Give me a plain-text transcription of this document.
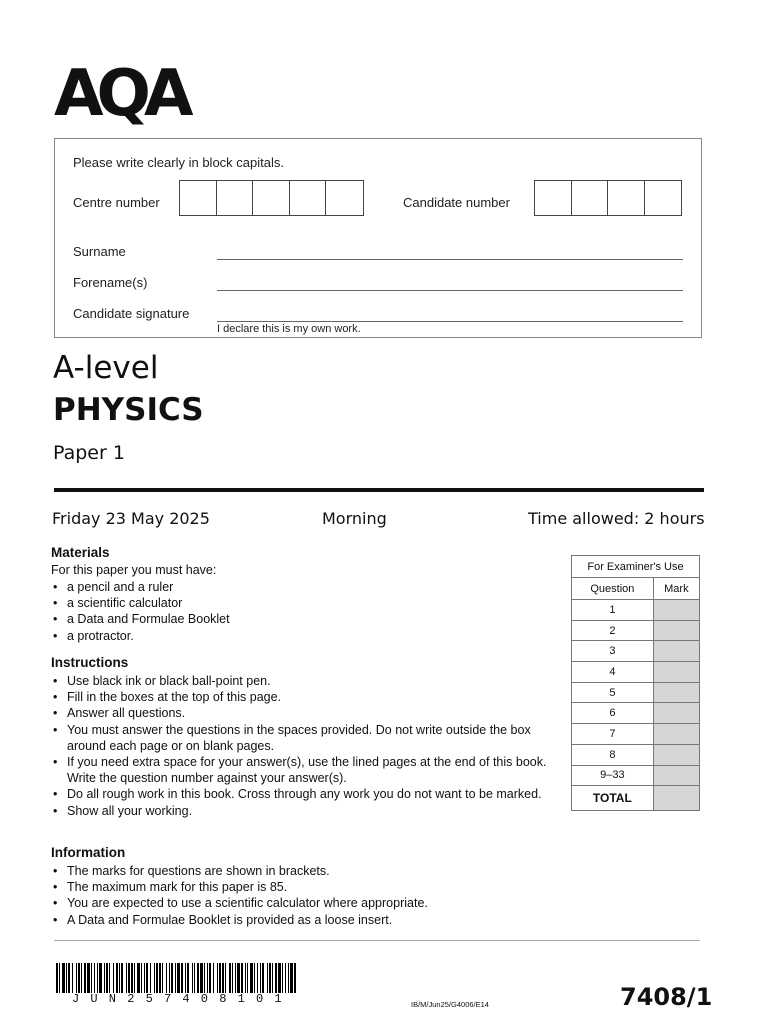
AQA
Please write clearly in block capitals.
Centre number	Candidate number
Surname
Forename(s)
Candidate signature
I declare this is my own work.
A-level
PHYSICS
Paper 1
Friday 23 May 2025	Morning	Time allowed: 2 hours
Materials
For this paper you must have:
• a pencil and a ruler
• a scientific calculator
• a Data and Formulae Booklet
• a protractor.
Instructions
• Use black ink or black ball-point pen.
• Fill in the boxes at the top of this page.
• Answer all questions.
• You must answer the questions in the spaces provided. Do not write outside the box around each page or on blank pages.
• If you need extra space for your answer(s), use the lined pages at the end of this book. Write the question number against your answer(s).
• Do all rough work in this book. Cross through any work you do not want to be marked.
• Show all your working.
Information
• The marks for questions are shown in brackets.
• The maximum mark for this paper is 85.
• You are expected to use a scientific calculator where appropriate.
• A Data and Formulae Booklet is provided as a loose insert.
For Examiner's Use	
Question	Mark
1	
2	
3	
4	
5	
6	
7	
8	
9–33	
TOTAL	
JUN257408101	IB/M/Jun25/G4006/E14	7408/1
